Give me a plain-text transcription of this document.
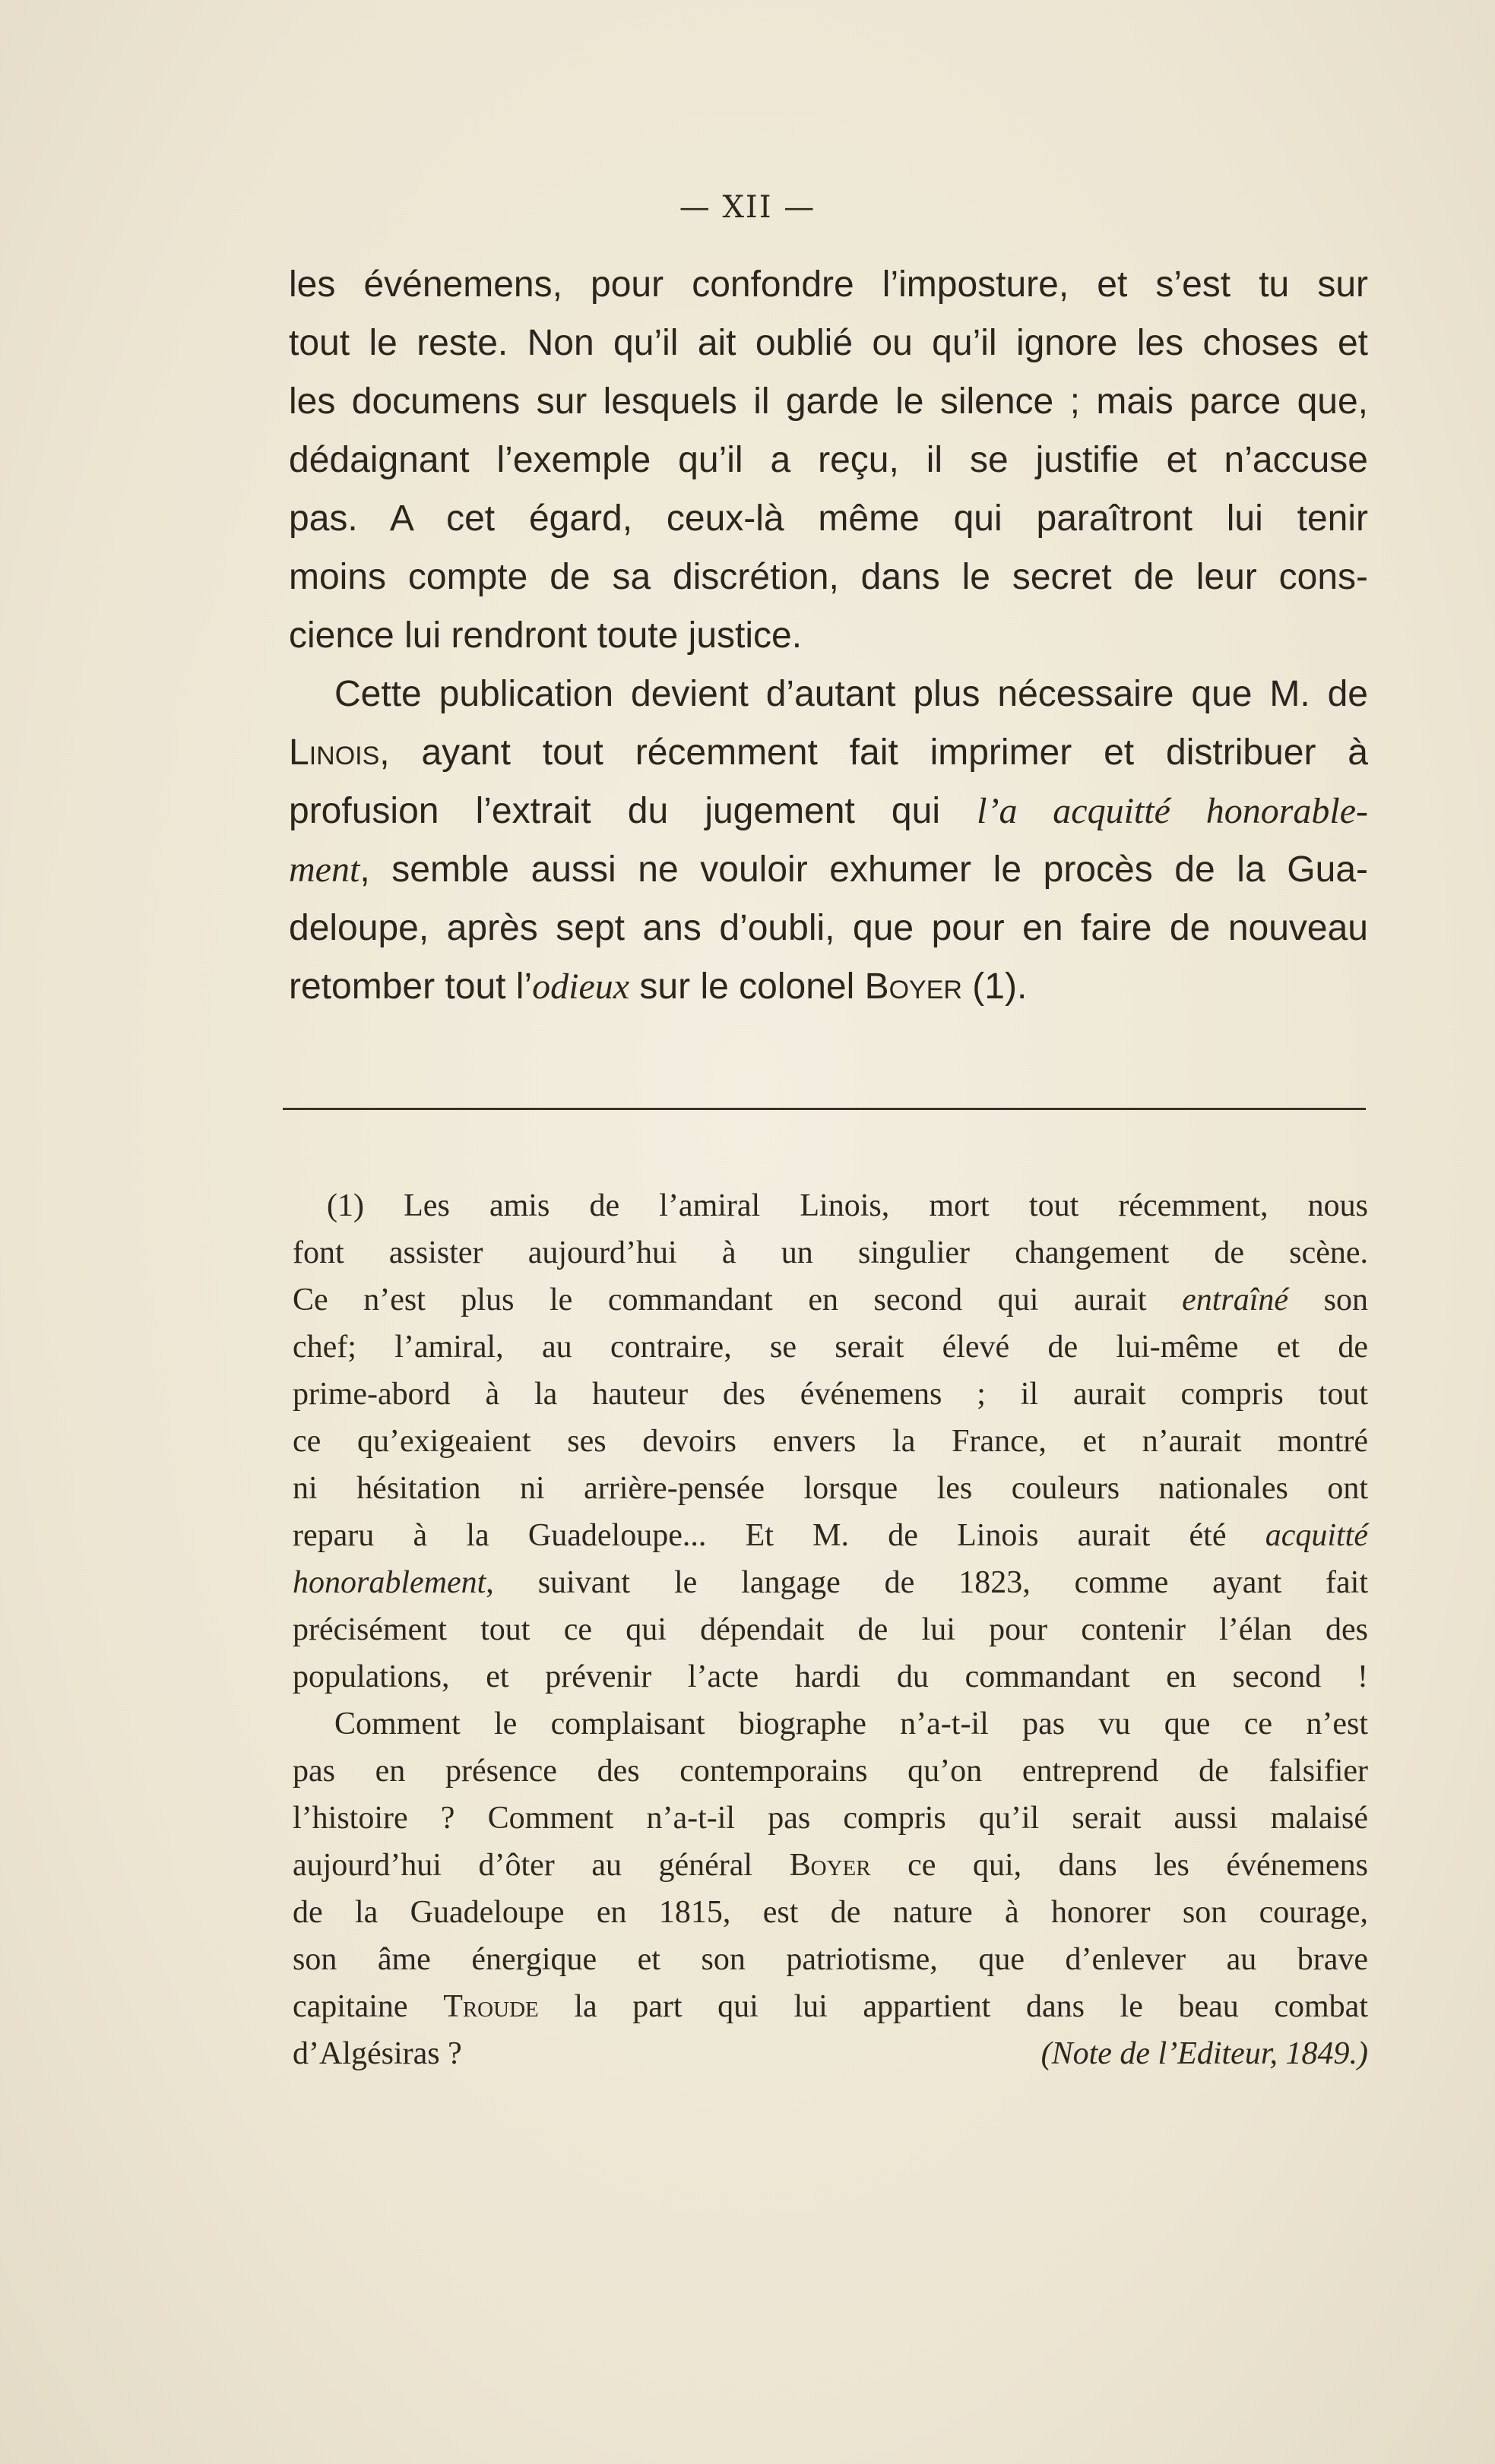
— XII —

les événemens, pour confondre l’imposture, et s’est tu sur

tout le reste. Non qu’il ait oublié ou qu’il ignore les choses et

les documens sur lesquels il garde le silence ; mais parce que,

dédaignant l’exemple qu’il a reçu, il se justifie et n’accuse

pas. A cet égard, ceux-là même qui paraîtront lui tenir

moins compte de sa discrétion, dans le secret de leur cons-

cience lui rendront toute justice.

Cette publication devient d’autant plus nécessaire que M. de

Linois, ayant tout récemment fait imprimer et distribuer à

profusion l’extrait du jugement qui l’a acquitté honorable-

ment, semble aussi ne vouloir exhumer le procès de la Gua-

deloupe, après sept ans d’oubli, que pour en faire de nouveau

retomber tout l’odieux sur le colonel Boyer (1).

(1) Les amis de l’amiral Linois, mort tout récemment, nous

font assister aujourd’hui à un singulier changement de scène.

Ce n’est plus le commandant en second qui aurait entraîné son

chef; l’amiral, au contraire, se serait élevé de lui-même et de

prime-abord à la hauteur des événemens ; il aurait compris tout

ce qu’exigeaient ses devoirs envers la France, et n’aurait montré

ni hésitation ni arrière-pensée lorsque les couleurs nationales ont

reparu à la Guadeloupe... Et M. de Linois aurait été acquitté

honorablement, suivant le langage de 1823, comme ayant fait

précisément tout ce qui dépendait de lui pour contenir l’élan des

populations, et prévenir l’acte hardi du commandant en second !

Comment le complaisant biographe n’a-t-il pas vu que ce n’est

pas en présence des contemporains qu’on entreprend de falsifier

l’histoire ? Comment n’a-t-il pas compris qu’il serait aussi malaisé

aujourd’hui d’ôter au général Boyer ce qui, dans les événemens

de la Guadeloupe en 1815, est de nature à honorer son courage,

son âme énergique et son patriotisme, que d’enlever au brave

capitaine Troude la part qui lui appartient dans le beau combat

d’Algésiras ?	(Note de l’Editeur, 1849.)
